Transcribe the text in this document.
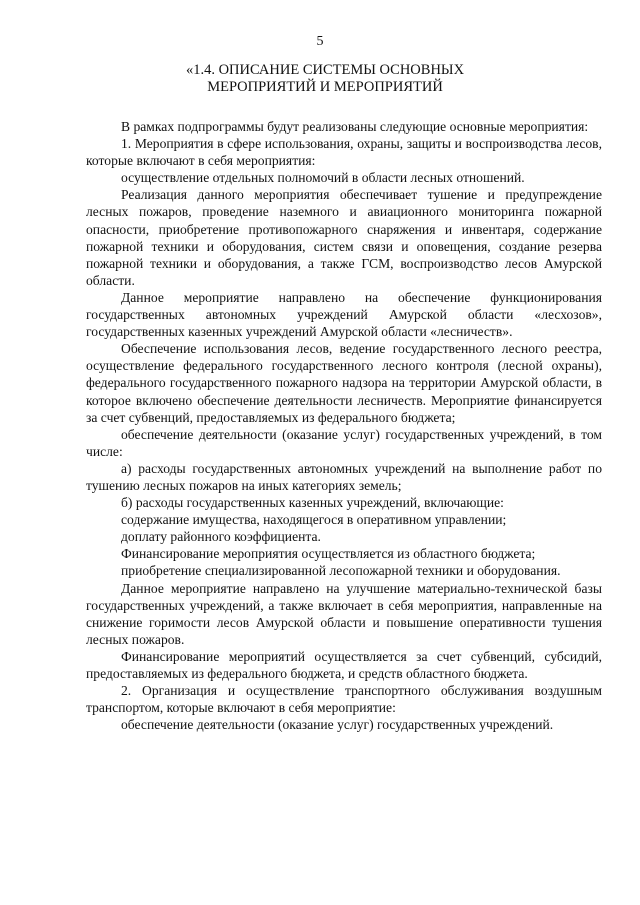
5
«1.4. ОПИСАНИЕ СИСТЕМЫ ОСНОВНЫХ МЕРОПРИЯТИЙ И МЕРОПРИЯТИЙ

В рамках подпрограммы будут реализованы следующие основные мероприятия:

1. Мероприятия в сфере использования, охраны, защиты и воспроизводства лесов, которые включают в себя мероприятия:

осуществление отдельных полномочий в области лесных отношений.

Реализация данного мероприятия обеспечивает тушение и предупреждение лесных пожаров, проведение наземного и авиационного мониторинга пожарной опасности, приобретение противопожарного снаряжения и инвентаря, содержание пожарной техники и оборудования, систем связи и оповещения, создание резерва пожарной техники и оборудования, а также ГСМ, воспроизводство лесов Амурской области.

Данное мероприятие направлено на обеспечение функционирования государственных автономных учреждений Амурской области «лесхозов», государственных казенных учреждений Амурской области «лесничеств».

Обеспечение использования лесов, ведение государственного лесного реестра, осуществление федерального государственного лесного контроля (лесной охраны), федерального государственного пожарного надзора на территории Амурской области, в которое включено обеспечение деятельности лесничеств. Мероприятие финансируется за счет субвенций, предоставляемых из федерального бюджета;

обеспечение деятельности (оказание услуг) государственных учреждений, в том числе:

а) расходы государственных автономных учреждений на выполнение работ по тушению лесных пожаров на иных категориях земель;

б) расходы государственных казенных учреждений, включающие:

содержание имущества, находящегося в оперативном управлении;

доплату районного коэффициента.

Финансирование мероприятия осуществляется из областного бюджета;

приобретение специализированной лесопожарной техники и оборудования.

Данное мероприятие направлено на улучшение материально-технической базы государственных учреждений, а также включает в себя мероприятия, направленные на снижение горимости лесов Амурской области и повышение оперативности тушения лесных пожаров.

Финансирование мероприятий осуществляется за счет субвенций, субсидий, предоставляемых из федерального бюджета, и средств областного бюджета.

2. Организация и осуществление транспортного обслуживания воздушным транспортом, которые включают в себя мероприятие:

обеспечение деятельности (оказание услуг) государственных учреждений.
